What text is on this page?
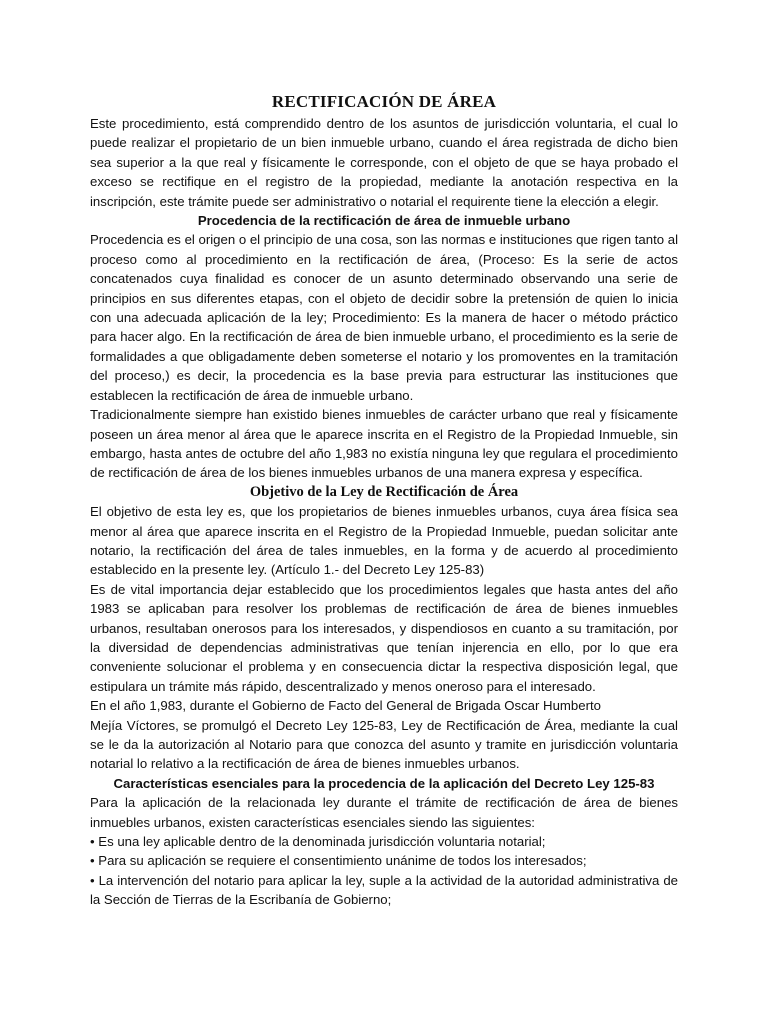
RECTIFICACIÓN DE ÁREA

Este procedimiento, está comprendido dentro de los asuntos de jurisdicción voluntaria, el cual lo puede realizar el propietario de un bien inmueble urbano, cuando el área registrada de dicho bien sea superior a la que real y físicamente le corresponde, con el objeto de que se haya probado el exceso se rectifique en el registro de la propiedad, mediante la anotación respectiva en la inscripción, este trámite puede ser administrativo o notarial el requirente tiene la elección a elegir.

Procedencia de la rectificación de área de inmueble urbano

Procedencia es el origen o el principio de una cosa, son las normas e instituciones que rigen tanto al proceso como al procedimiento en la rectificación de área, (Proceso: Es la serie de actos concatenados cuya finalidad es conocer de un asunto determinado observando una serie de principios en sus diferentes etapas, con el objeto de decidir sobre la pretensión de quien lo inicia con una adecuada aplicación de la ley; Procedimiento: Es la manera de hacer o método práctico para hacer algo. En la rectificación de área de bien inmueble urbano, el procedimiento es la serie de formalidades a que obligadamente deben someterse el notario y los promoventes en la tramitación del proceso,) es decir, la procedencia es la base previa para estructurar las instituciones que establecen la rectificación de área de inmueble urbano.

Tradicionalmente siempre han existido bienes inmuebles de carácter urbano que real y físicamente poseen un área menor al área que le aparece inscrita en el Registro de la Propiedad Inmueble, sin embargo, hasta antes de octubre del año 1,983 no existía ninguna ley que regulara el procedimiento de rectificación de área de los bienes inmuebles urbanos de una manera expresa y específica.

Objetivo de la Ley de Rectificación de Área

El objetivo de esta ley es, que los propietarios de bienes inmuebles urbanos, cuya área física sea menor al área que aparece inscrita en el Registro de la Propiedad Inmueble, puedan solicitar ante notario, la rectificación del área de tales inmuebles, en la forma y de acuerdo al procedimiento establecido en la presente ley. (Artículo 1.- del Decreto Ley 125-83)

Es de vital importancia dejar establecido que los procedimientos legales que hasta antes del año 1983 se aplicaban para resolver los problemas de rectificación de área de bienes inmuebles urbanos, resultaban onerosos para los interesados, y dispendiosos en cuanto a su tramitación, por la diversidad de dependencias administrativas que tenían injerencia en ello, por lo que era conveniente solucionar el problema y en consecuencia dictar la respectiva disposición legal, que estipulara un trámite más rápido, descentralizado y menos oneroso para el interesado.

En el año 1,983, durante el Gobierno de Facto del General de Brigada Oscar Humberto

Mejía Víctores, se promulgó el Decreto Ley 125-83, Ley de Rectificación de Área, mediante la cual se le da la autorización al Notario para que conozca del asunto y tramite en jurisdicción voluntaria notarial lo relativo a la rectificación de área de bienes inmuebles urbanos.

Características esenciales para la procedencia de la aplicación del Decreto Ley 125-83

Para la aplicación de la relacionada ley durante el trámite de rectificación de área de bienes inmuebles urbanos, existen características esenciales siendo las siguientes:

• Es una ley aplicable dentro de la denominada jurisdicción voluntaria notarial;

• Para su aplicación se requiere el consentimiento unánime de todos los interesados;

• La intervención del notario para aplicar la ley, suple a la actividad de la autoridad administrativa de la Sección de Tierras de la Escribanía de Gobierno;
